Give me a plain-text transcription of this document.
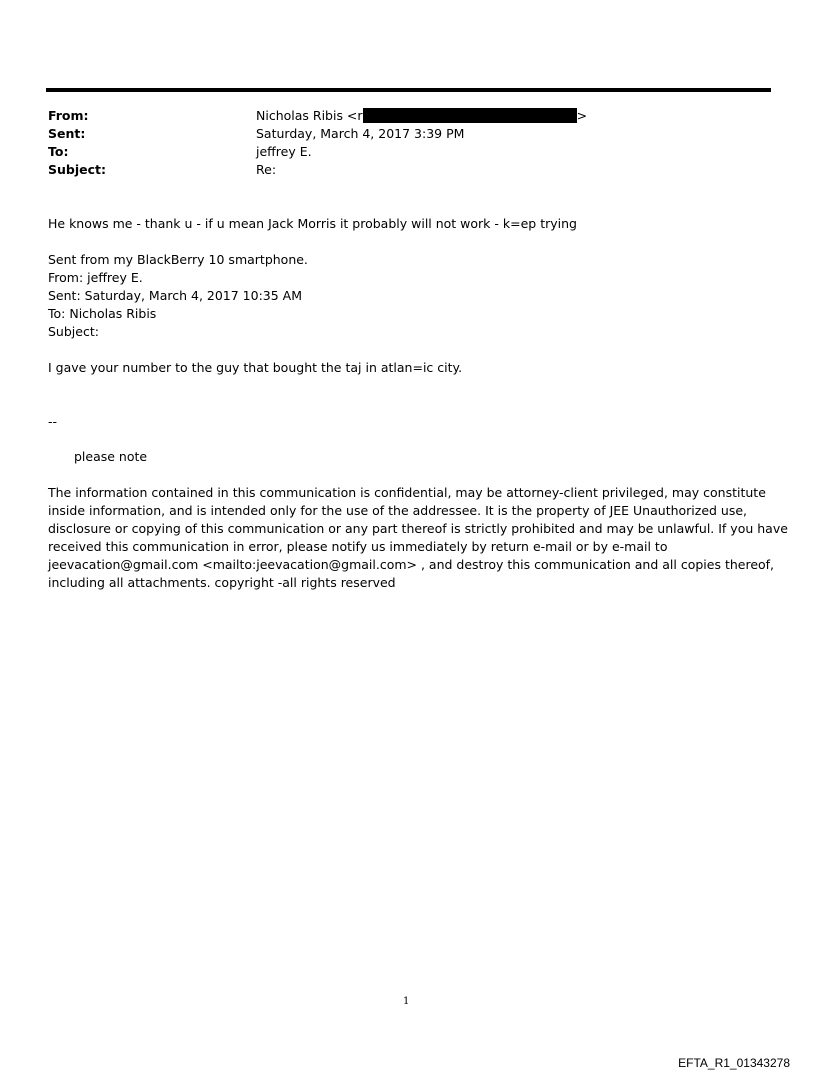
From:	Nicholas Ribis <r	>
Sent:	Saturday, March 4, 2017 3:39 PM
To:	jeffrey E.
Subject:	Re:
He knows me - thank u - if u mean Jack Morris it probably will not work - k=ep trying
Sent from my BlackBerry 10 smartphone.
From: jeffrey E.
Sent: Saturday, March 4, 2017 10:35 AM
To: Nicholas Ribis
Subject:
I gave your number to the guy that bought the taj in atlan=ic city.
--
please note
The information contained in this communication is confidential, may be attorney-client privileged, may constitute
inside information, and is intended only for the use of the addressee. It is the property of JEE Unauthorized use,
disclosure or copying of this communication or any part thereof is strictly prohibited and may be unlawful. If you have
received this communication in error, please notify us immediately by return e-mail or by e-mail to
jeevacation@gmail.com <mailto:jeevacation@gmail.com> , and destroy this communication and all copies thereof,
including all attachments. copyright -all rights reserved
1
EFTA_R1_01343278
